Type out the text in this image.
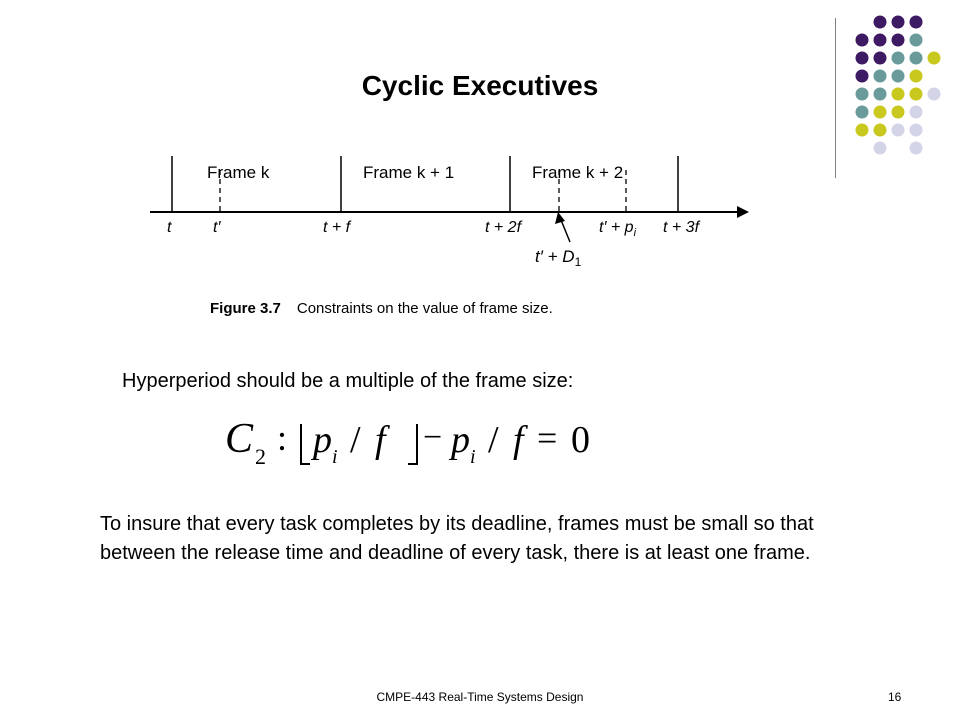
Cyclic Executives
Frame k	Frame k + 1	Frame k + 2
t	t′	t + f	t + 2f	$t' + p_i$ t + 3f
$t' + D_1$
Figure 3.7 Constraints on the value of frame size.
Hyperperiod should be a multiple of the frame size:
C 2 : p i / f − p i / f = 0
To insure that every task completes by its deadline, frames must be small so that between the release time and deadline of every task, there is at least one frame.
CMPE-443 Real-Time Systems Design	16
